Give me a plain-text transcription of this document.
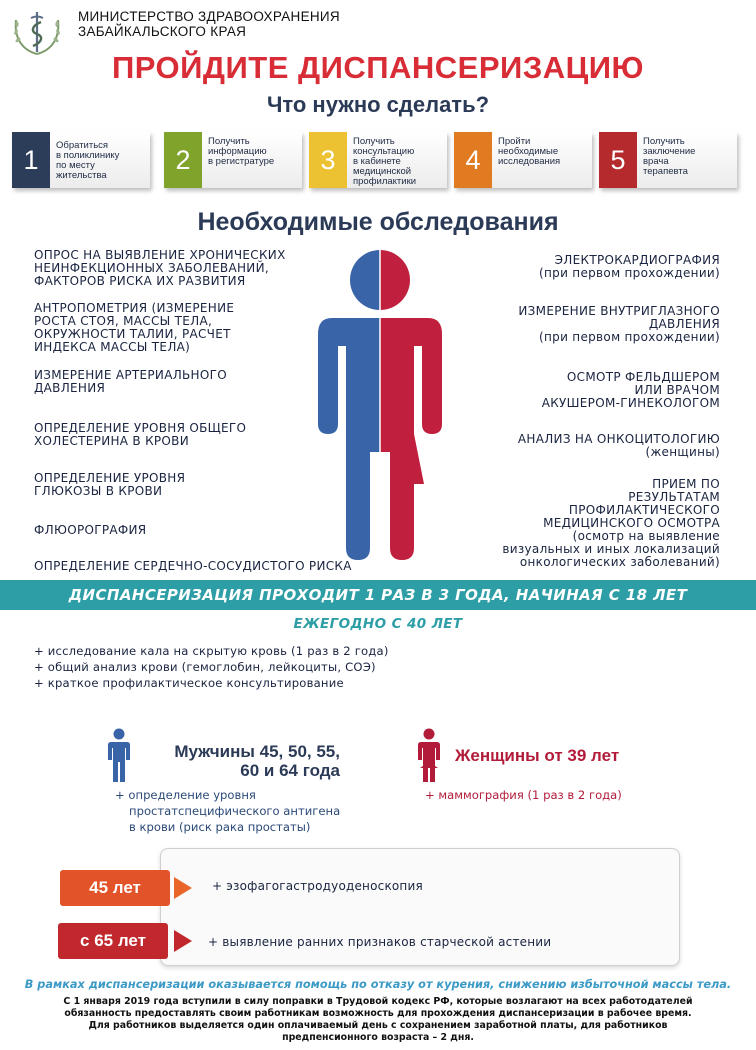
МИНИСТЕРСТВО ЗДРАВООХРАНЕНИЯ
ЗАБАЙКАЛЬСКОГО КРАЯ
ПРОЙДИТЕ ДИСПАНСЕРИЗАЦИЮ
Что нужно сделать?
1	Обратиться
в поликлинику
по месту
жительства
2
Получить
информацию
в регистратуре	3
Получить
консультацию
в кабинете
медицинской
профилактики
4
Пройти
необходимые
исследования	5
Получить
заключение
врача
терапевта
Необходимые обследования
ОПРОС НА ВЫЯВЛЕНИЕ ХРОНИЧЕСКИХ
НЕИНФЕКЦИОННЫХ ЗАБОЛЕВАНИЙ,
ФАКТОРОВ РИСКА ИХ РАЗВИТИЯ
АНТРОПОМЕТРИЯ (ИЗМЕРЕНИЕ
РОСТА СТОЯ, МАССЫ ТЕЛА,
ОКРУЖНОСТИ ТАЛИИ, РАСЧЕТ
ИНДЕКСА МАССЫ ТЕЛА)
ИЗМЕРЕНИЕ АРТЕРИАЛЬНОГО
ДАВЛЕНИЯ
ОПРЕДЕЛЕНИЕ УРОВНЯ ОБЩЕГО
ХОЛЕСТЕРИНА В КРОВИ
ОПРЕДЕЛЕНИЕ УРОВНЯ
ГЛЮКОЗЫ В КРОВИ
ФЛЮОРОГРАФИЯ
ОПРЕДЕЛЕНИЕ СЕРДЕЧНО-СОСУДИСТОГО РИСКА
ЭЛЕКТРОКАРДИОГРАФИЯ
(при первом прохождении)
ИЗМЕРЕНИЕ ВНУТРИГЛАЗНОГО
ДАВЛЕНИЯ
(при первом прохождении)
ОСМОТР ФЕЛЬДШЕРОМ
ИЛИ ВРАЧОМ
АКУШЕРОМ-ГИНЕКОЛОГОМ
АНАЛИЗ НА ОНКОЦИТОЛОГИЮ
(женщины)
ПРИЕМ ПО
РЕЗУЛЬТАТАМ
ПРОФИЛАКТИЧЕСКОГО
МЕДИЦИНСКОГО ОСМОТРА
(осмотр на выявление
визуальных и иных локализаций
онкологических заболеваний)
ДИСПАНСЕРИЗАЦИЯ ПРОХОДИТ 1 РАЗ В 3 ГОДА, НАЧИНАЯ С 18 ЛЕТ
ЕЖЕГОДНО С 40 ЛЕТ
+ исследование кала на скрытую кровь (1 раз в 2 года)
+ общий анализ крови (гемоглобин, лейкоциты, СОЭ)
+ краткое профилактическое консультирование
Мужчины 45, 50, 55,
60 и 64 года
+ определение уровня
простатспецифического антигена
в крови (риск рака простаты)
Женщины от 39 лет
+ маммография (1 раз в 2 года)
45 лет	+ эзофагогастродуоденоскопия
с 65 лет	+ выявление ранних признаков старческой астении
В рамках диспансеризации оказывается помощь по отказу от курения, снижению избыточной массы тела.
С 1 января 2019 года вступили в силу поправки в Трудовой кодекс РФ, которые возлагают на всех работодателей
обязанность предоставлять своим работникам возможность для прохождения диспансеризации в рабочее время.
Для работников выделяется один оплачиваемый день с сохранением заработной платы, для работников
предпенсионного возраста – 2 дня.
